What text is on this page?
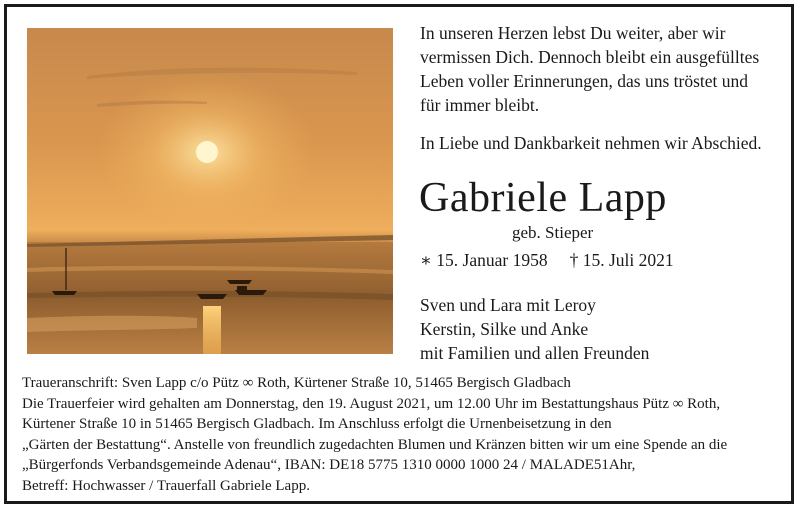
In unseren Herzen lebst Du weiter, aber wir

vermissen Dich. Dennoch bleibt ein ausgefülltes

Leben voller Erinnerungen, das uns tröstet und

für immer bleibt.

In Liebe und Dankbarkeit nehmen wir Abschied.
Gabriele Lapp
geb. Stieper
∗ 15. Januar 1958 † 15. Juli 2021
Sven und Lara mit Leroy
Kerstin, Silke und Anke
mit Familien und allen Freunden
Traueranschrift: Sven Lapp c/o Pütz ∞ Roth, Kürtener Straße 10, 51465 Bergisch Gladbach
Die Trauerfeier wird gehalten am Donnerstag, den 19. August 2021, um 12.00 Uhr im Bestattungshaus Pütz ∞ Roth,
Kürtener Straße 10 in 51465 Bergisch Gladbach. Im Anschluss erfolgt die Urnenbeisetzung in den
„Gärten der Bestattung“. Anstelle von freundlich zugedachten Blumen und Kränzen bitten wir um eine Spende an die
„Bürgerfonds Verbandsgemeinde Adenau“, IBAN: DE18 5775 1310 0000 1000 24 / MALADE51Ahr,
Betreff: Hochwasser / Trauerfall Gabriele Lapp.
